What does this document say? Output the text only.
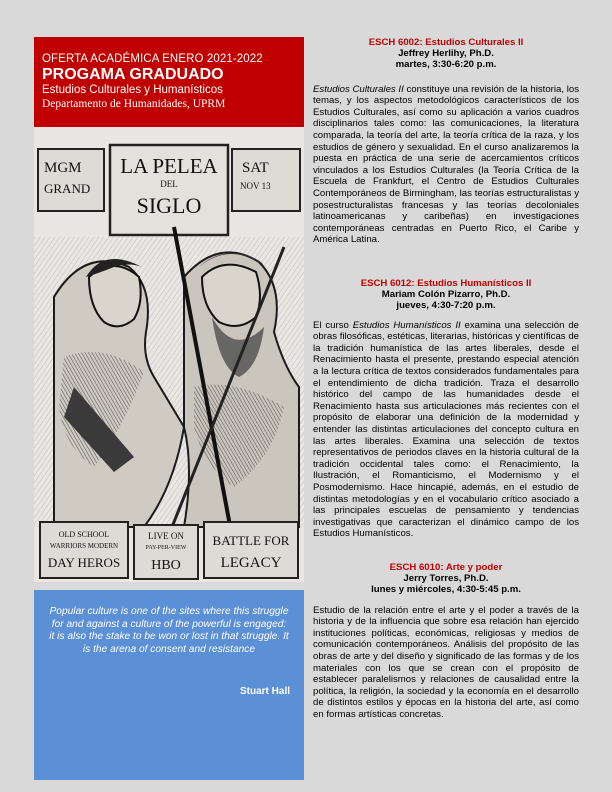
OFERTA ACADÉMICA ENERO 2021-2022
PROGAMA GRADUADO
Estudios Culturales y Humanísticos
Departamento de Humanidades, UPRM
MGM
GRAND
LA PELEA
DEL
SIGLO
SAT
NOV 13
OLD SCHOOL
WARRIORS MODERN
DAY HEROS
LIVE ON
PAY-PER-VIEW
HBO
BATTLE FOR
LEGACY
Popular culture is one of the sites where this struggle for and against a culture of the powerful is engaged: it is also the stake to be won or lost in that struggle. It is the arena of consent and resistance
Stuart Hall
ESCH 6002: Estudios Culturales II
Jeffrey Herlihy, Ph.D.
martes, 3:30-6:20 p.m.
Estudios Culturales II constituye una revisión de la historia, los temas, y los aspectos metodológicos característicos de los Estudios Culturales, así como su aplicación a varios cuadros disciplinarios tales como: las comunicaciones, la literatura comparada, la teoría del arte, la teoría crítica de la raza, y los estudios de género y sexualidad. En el curso analizaremos la puesta en práctica de una serie de acercamientos críticos vinculados a los Estudios Culturales (la Teoría Crítica de la Escuela de Frankfurt, el Centro de Estudios Culturales Contemporáneos de Birmingham, las teorías estructuralistas y posestructuralistas francesas y las teorías decoloniales latinoamericanas y caribeñas) en investigaciones contemporáneas centradas en Puerto Rico, el Caribe y América Latina.
ESCH 6012: Estudios Humanísticos II
Mariam Colón Pizarro, Ph.D.
jueves, 4:30-7:20 p.m.
El curso Estudios Humanísticos II examina una selección de obras filosóficas, estéticas, literarias, históricas y científicas de la tradición humanística de las artes liberales, desde el Renacimiento hasta el presente, prestando especial atención a la lectura crítica de textos considerados fundamentales para el entendimiento de dicha tradición. Traza el desarrollo histórico del campo de las humanidades desde el Renacimiento hasta sus articulaciones más recientes con el propósito de elaborar una definición de la modernidad y entender las distintas articulaciones del concepto cultura en las artes liberales. Examina una selección de textos representativos de periodos claves en la historia cultural de la tradición occidental tales como: el Renacimiento, la Ilustración, el Romanticismo, el Modernismo y el Posmodernismo. Hace hincapié, además, en el estudio de distintas metodologías y en el vocabulario crítico asociado a las principales escuelas de pensamiento y tendencias investigativas que caracterizan el dinámico campo de los Estudios Humanísticos.
ESCH 6010: Arte y poder
Jerry Torres, Ph.D.
lunes y miércoles, 4:30-5:45 p.m.
Estudio de la relación entre el arte y el poder a través de la historia y de la influencia que sobre esa relación han ejercido instituciones políticas, económicas, religiosas y medios de comunicación contemporáneos. Análisis del propósito de las obras de arte y del diseño y significado de las formas y de los materiales con los que se crean con el propósito de establecer paralelismos y relaciones de causalidad entre la política, la religión, la sociedad y la economía en el desarrollo de distintos estilos y épocas en la historia del arte, así como en formas artísticas concretas.
